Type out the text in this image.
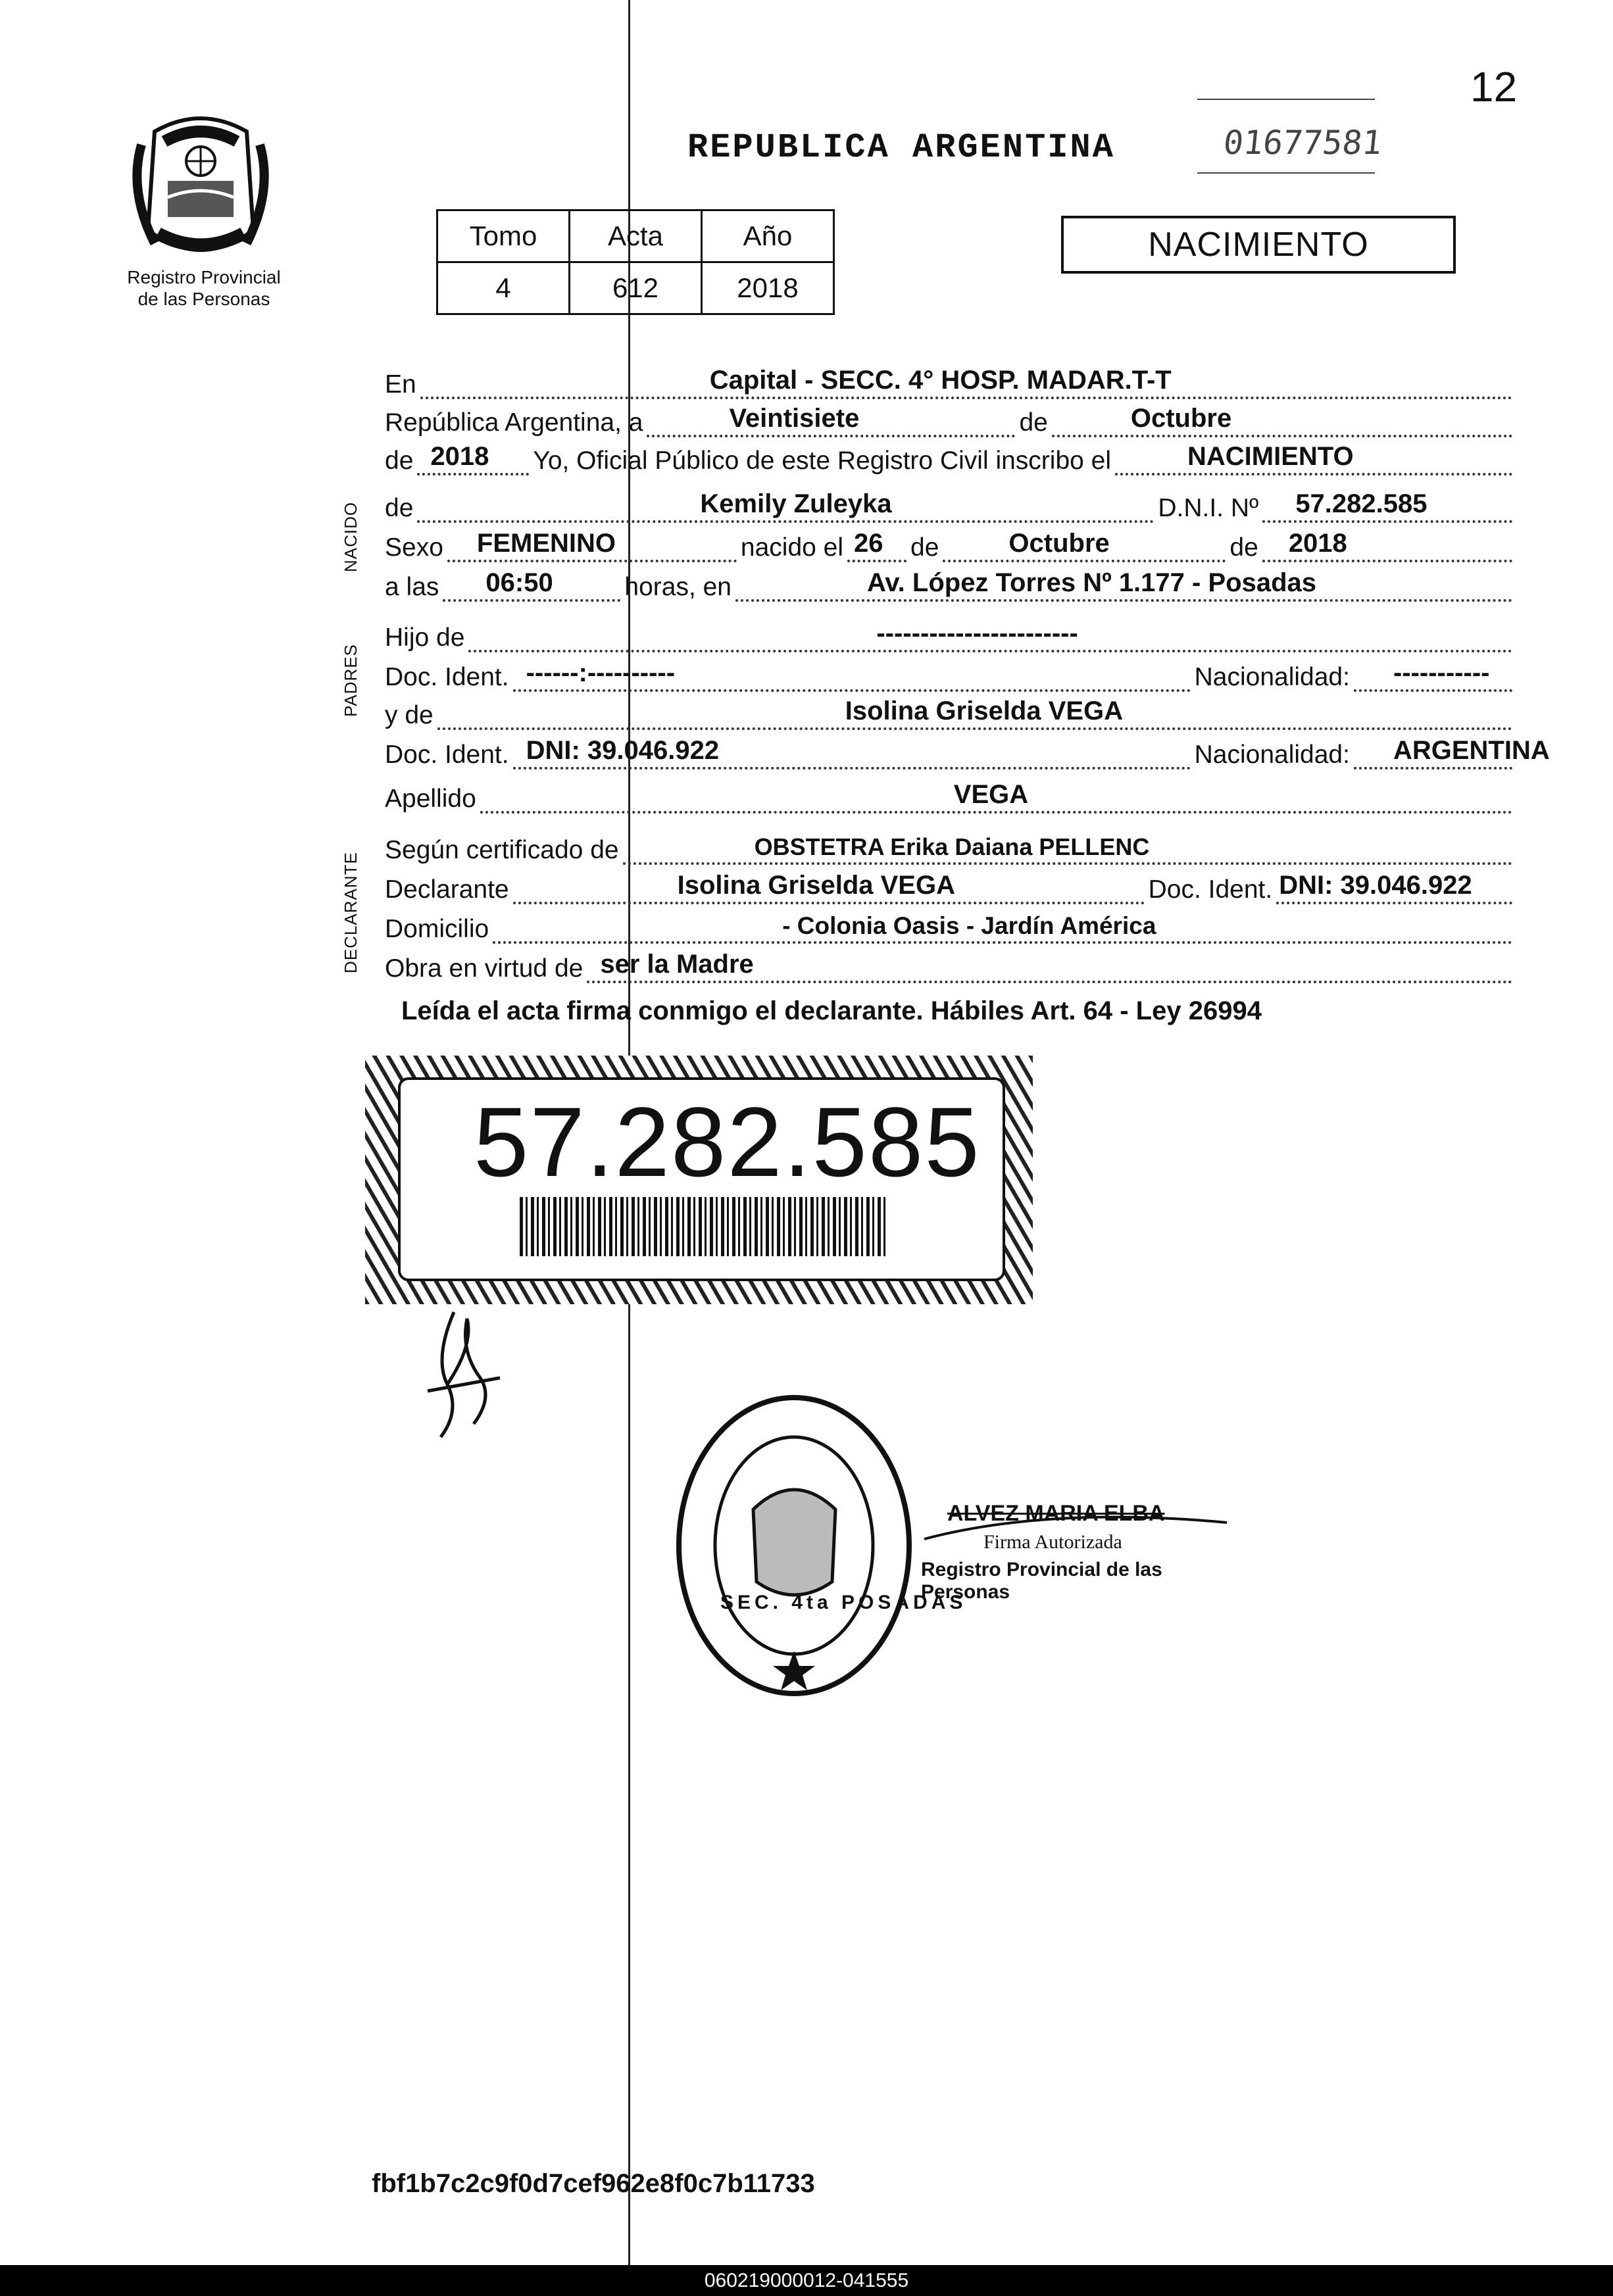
12
Registro Provincial
de las Personas
REPUBLICA ARGENTINA	01677581
Tomo	Acta	Año
4	612	2018
NACIMIENTO
NACIDO
PADRES
DECLARANTE
En	Capital - SECC. 4° HOSP. MADAR.T-T
República Argentina, a	Veintisiete	de	Octubre
de 2018 Yo, Oficial Público de este Registro Civil inscribo el	NACIMIENTO
de	Kemily Zuleyka	D.N.I. Nº 57.282.585
Sexo FEMENINO	nacido el 26 de	Octubre	de 2018
a las 06:50	horas, en	Av. López Torres Nº 1.177 - Posadas
Hijo de	-----------------------
Doc. Ident. ------:----------	Nacionalidad: -----------
y de	Isolina Griselda VEGA
Doc. Ident. DNI: 39.046.922	Nacionalidad: ARGENTINA
Apellido	VEGA
Según certificado de	OBSTETRA Erika Daiana PELLENC
Declarante	Isolina Griselda VEGA	Doc. Ident. DNI: 39.046.922
Domicilio	- Colonia Oasis - Jardín América
Obra en virtud de ser la Madre
Leída el acta firma conmigo el declarante. Hábiles Art. 64 - Ley 26994
57.282.585
SEC. 4ta POSADAS
ALVEZ MARIA ELBA
Firma Autorizada
Registro Provincial de las Personas
fbf1b7c2c9f0d7cef962e8f0c7b11733
060219000012-041555
